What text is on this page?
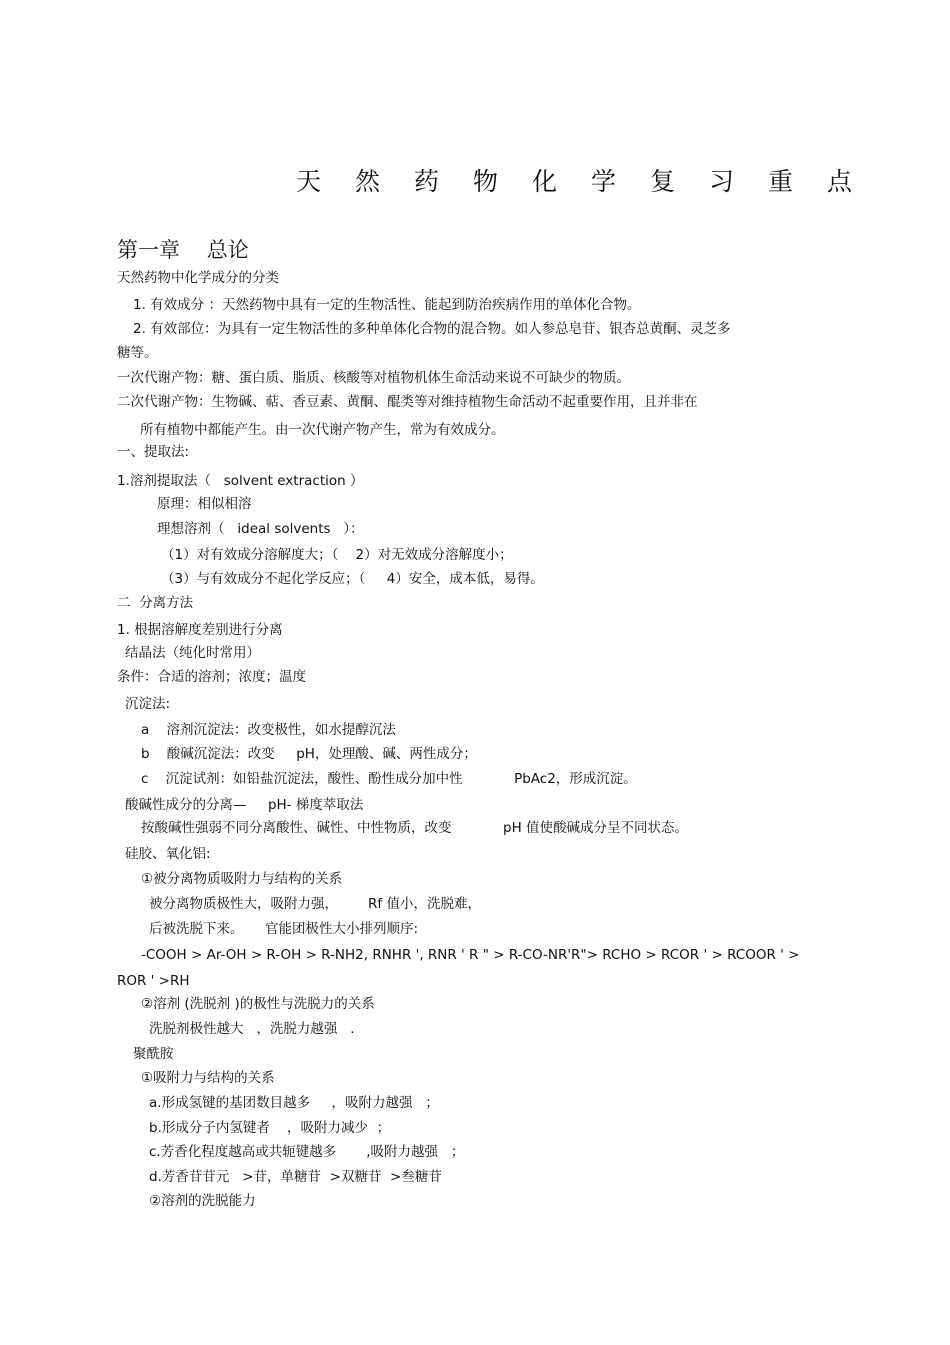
天然药物化学复习重点
第一章    总论
天然药物中化学成分的分类
1. 有效成分 ：天然药物中具有一定的生物活性、能起到防治疾病作用的单体化合物。
2. 有效部位：为具有一定生物活性的多种单体化合物的混合物。如人参总皂苷、银杏总黄酮、灵芝多
糖等。
一次代谢产物：糖、蛋白质、脂质、核酸等对植物机体生命活动来说不可缺少的物质。
二次代谢产物：生物碱、萜、香豆素、黄酮、醌类等对维持植物生命活动不起重要作用，且并非在
所有植物中都能产生。由一次代谢产物产生，常为有效成分。
一、提取法:
1.溶剂提取法（   solvent extraction ）
原理：相似相溶
理想溶剂（   ideal solvents   ）：
（1）对有效成分溶解度大；（    2）对无效成分溶解度小；
（3）与有效成分不起化学反应；（     4）安全，成本低，易得。
二  分离方法
1. 根据溶解度差别进行分离
结晶法（纯化时常用）
条件：合适的溶剂；浓度；温度
沉淀法:
a    溶剂沉淀法：改变极性，如水提醇沉法
b    酸碱沉淀法：改变     pH，处理酸、碱、两性成分；
c    沉淀试剂：如铅盐沉淀法，酸性、酚性成分加中性            PbAc2，形成沉淀。
酸碱性成分的分离—     pH- 梯度萃取法
按酸碱性强弱不同分离酸性、碱性、中性物质，改变            pH 值使酸碱成分呈不同状态。
硅胶、氧化铝:
①被分离物质吸附力与结构的关系
被分离物质极性大，吸附力强，       Rf 值小，洗脱难，
后被洗脱下来。     官能团极性大小排列顺序:
-COOH > Ar-OH > R-OH > R-NH2, RNHR ', RNR ' R " > R-CO-NR'R"> RCHO > RCOR ' > RCOOR ' >
ROR ' >RH
②溶剂 (洗脱剂 )的极性与洗脱力的关系
洗脱剂极性越大   ，洗脱力越强   .
聚酰胺
①吸附力与结构的关系
a.形成氢键的基团数目越多     ，吸附力越强   ；
b.形成分子内氢键者    ，吸附力减少  ；
c.芳香化程度越高或共轭键越多       ,吸附力越强   ；
d.芳香苷苷元   >苷，单糖苷  >双糖苷  >叁糖苷
②溶剂的洗脱能力
